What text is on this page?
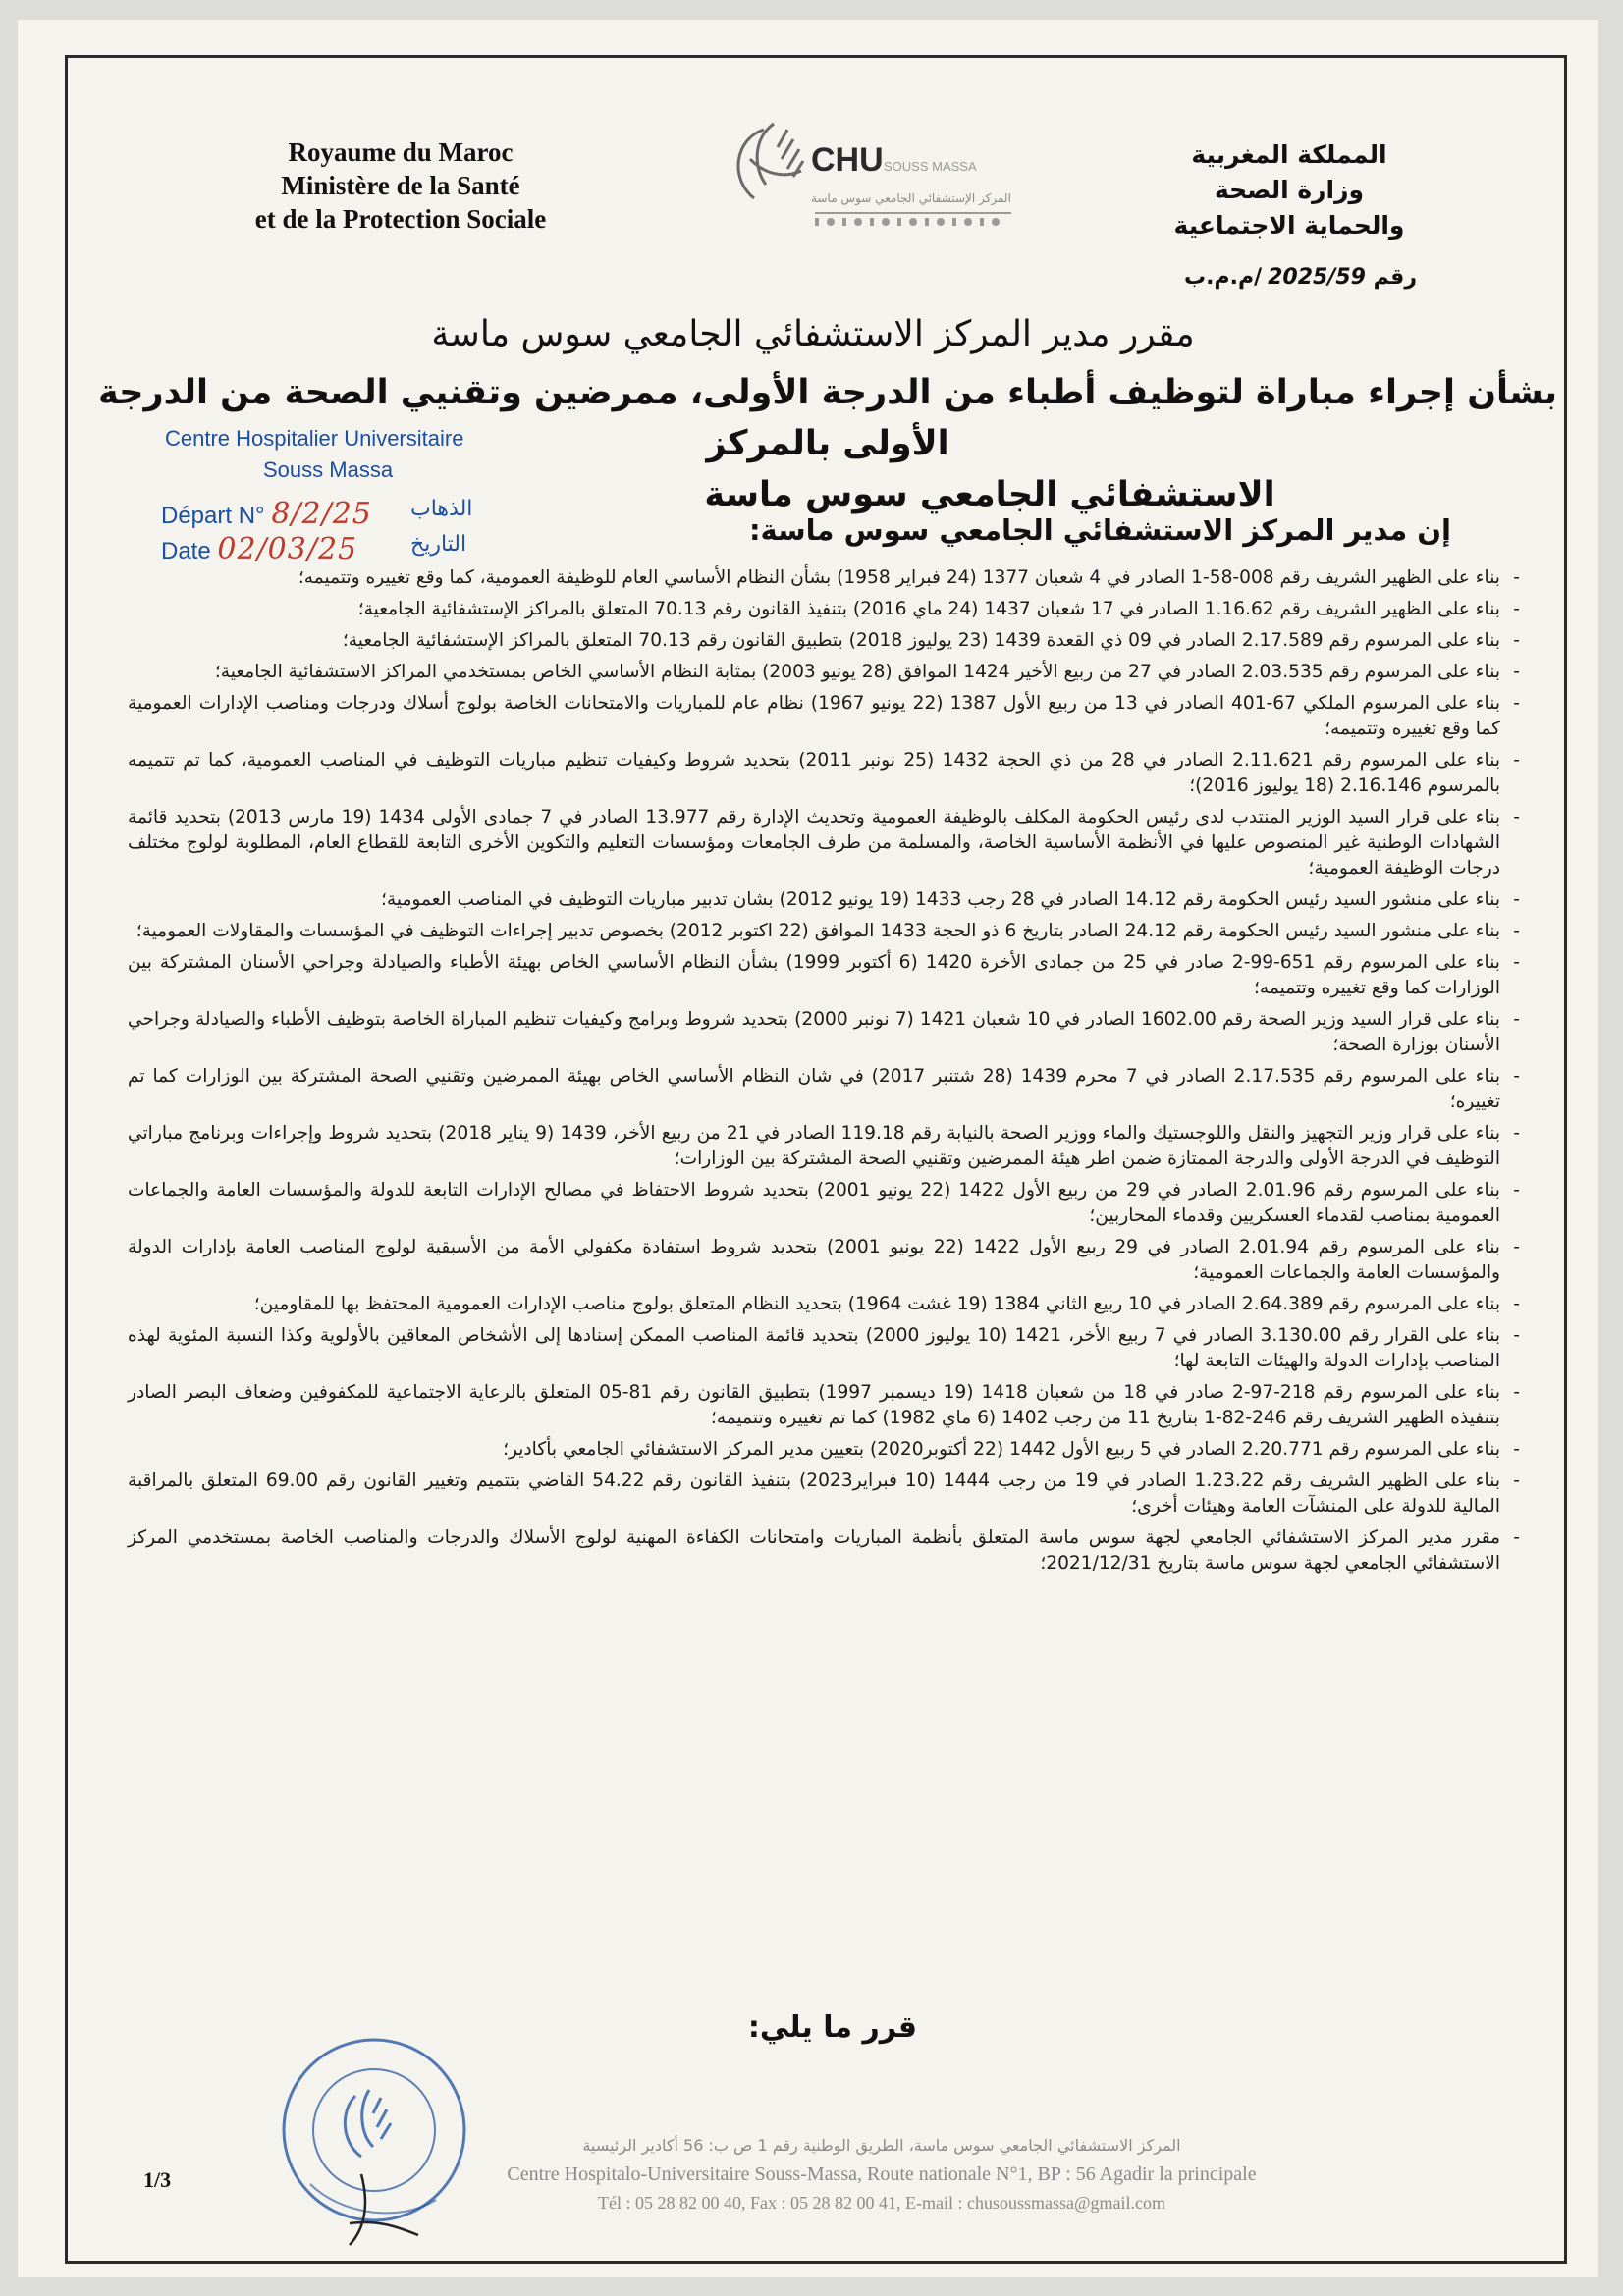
Royaume du Maroc
Ministère de la Santé
et de la Protection Sociale
CHU SOUSS MASSA
المركز الإستشفائي الجامعي سوس ماسة
المملكة المغربية
وزارة الصحة
والحماية الاجتماعية
رقم 2025/59/م.م.ب
مقرر مدير المركز الاستشفائي الجامعي سوس ماسة
بشأن إجراء مباراة لتوظيف أطباء من الدرجة الأولى، ممرضين وتقنيي الصحة من الدرجة الأولى بالمركز
الاستشفائي الجامعي سوس ماسة
Centre Hospitalier Universitaire
Souss Massa
Départ N° 8/2/25 الذهاب
Date 02/03/25 التاريخ	إن مدير المركز الاستشفائي الجامعي سوس ماسة:
- بناء على الظهير الشريف رقم 008-58-1 الصادر في 4 شعبان 1377 (24 فبراير 1958) بشأن النظام الأساسي العام للوظيفة العمومية، كما وقع تغييره وتتميمه؛
- بناء على الظهير الشريف رقم 1.16.62 الصادر في 17 شعبان 1437 (24 ماي 2016) بتنفيذ القانون رقم 70.13 المتعلق بالمراكز الإستشفائية الجامعية؛
- بناء على المرسوم رقم 2.17.589 الصادر في 09 ذي القعدة 1439 (23 يوليوز 2018) بتطبيق القانون رقم 70.13 المتعلق بالمراكز الإستشفائية الجامعية؛
- بناء على المرسوم رقم 2.03.535 الصادر في 27 من ربيع الأخير 1424 الموافق (28 يونيو 2003) بمثابة النظام الأساسي الخاص بمستخدمي المراكز الاستشفائية الجامعية؛
- بناء على المرسوم الملكي 67-401 الصادر في 13 من ربيع الأول 1387 (22 يونيو 1967) نظام عام للمباريات والامتحانات الخاصة بولوج أسلاك ودرجات ومناصب الإدارات العمومية كما وقع تغييره وتتميمه؛
- بناء على المرسوم رقم 2.11.621 الصادر في 28 من ذي الحجة 1432 (25 نونبر 2011) بتحديد شروط وكيفيات تنظيم مباريات التوظيف في المناصب العمومية، كما تم تتميمه بالمرسوم 2.16.146 (18 يوليوز 2016)؛
- بناء على قرار السيد الوزير المنتدب لدى رئيس الحكومة المكلف بالوظيفة العمومية وتحديث الإدارة رقم 13.977 الصادر في 7 جمادى الأولى 1434 (19 مارس 2013) بتحديد قائمة الشهادات الوطنية غير المنصوص عليها في الأنظمة الأساسية الخاصة، والمسلمة من طرف الجامعات ومؤسسات التعليم والتكوين الأخرى التابعة للقطاع العام، المطلوبة لولوج مختلف درجات الوظيفة العمومية؛
- بناء على منشور السيد رئيس الحكومة رقم 14.12 الصادر في 28 رجب 1433 (19 يونيو 2012) بشان تدبير مباريات التوظيف في المناصب العمومية؛
- بناء على منشور السيد رئيس الحكومة رقم 24.12 الصادر بتاريخ 6 ذو الحجة 1433 الموافق (22 اكتوبر 2012) بخصوص تدبير إجراءات التوظيف في المؤسسات والمقاولات العمومية؛
- بناء على المرسوم رقم 651-99-2 صادر في 25 من جمادى الأخرة 1420 (6 أكتوبر 1999) بشأن النظام الأساسي الخاص بهيئة الأطباء والصيادلة وجراحي الأسنان المشتركة بين الوزارات كما وقع تغييره وتتميمه؛
- بناء على قرار السيد وزير الصحة رقم 1602.00 الصادر في 10 شعبان 1421 (7 نونبر 2000) بتحديد شروط وبرامج وكيفيات تنظيم المباراة الخاصة بتوظيف الأطباء والصيادلة وجراحي الأسنان بوزارة الصحة؛
- بناء على المرسوم رقم 2.17.535 الصادر في 7 محرم 1439 (28 شتنبر 2017) في شان النظام الأساسي الخاص بهيئة الممرضين وتقنيي الصحة المشتركة بين الوزارات كما تم تغييره؛
- بناء على قرار وزير التجهيز والنقل واللوجستيك والماء ووزير الصحة بالنيابة رقم 119.18 الصادر في 21 من ربيع الأخر، 1439 (9 يناير 2018) بتحديد شروط وإجراءات وبرنامج مباراتي التوظيف في الدرجة الأولى والدرجة الممتازة ضمن اطر هيئة الممرضين وتقنيي الصحة المشتركة بين الوزارات؛
- بناء على المرسوم رقم 2.01.96 الصادر في 29 من ربيع الأول 1422 (22 يونيو 2001) بتحديد شروط الاحتفاظ في مصالح الإدارات التابعة للدولة والمؤسسات العامة والجماعات العمومية بمناصب لقدماء العسكريين وقدماء المحاربين؛
- بناء على المرسوم رقم 2.01.94 الصادر في 29 ربيع الأول 1422 (22 يونيو 2001) بتحديد شروط استفادة مكفولي الأمة من الأسبقية لولوج المناصب العامة بإدارات الدولة والمؤسسات العامة والجماعات العمومية؛
- بناء على المرسوم رقم 2.64.389 الصادر في 10 ربيع الثاني 1384 (19 غشت 1964) بتحديد النظام المتعلق بولوج مناصب الإدارات العمومية المحتفظ بها للمقاومين؛
- بناء على القرار رقم 3.130.00 الصادر في 7 ربيع الأخر، 1421 (10 يوليوز 2000) بتحديد قائمة المناصب الممكن إسنادها إلى الأشخاص المعاقين بالأولوية وكذا النسبة المئوية لهذه المناصب بإدارات الدولة والهيئات التابعة لها؛
- بناء على المرسوم رقم 218-97-2 صادر في 18 من شعبان 1418 (19 ديسمبر 1997) بتطبيق القانون رقم 81-05 المتعلق بالرعاية الاجتماعية للمكفوفين وضعاف البصر الصادر بتنفيذه الظهير الشريف رقم 246-82-1 بتاريخ 11 من رجب 1402 (6 ماي 1982) كما تم تغييره وتتميمه؛
- بناء على المرسوم رقم 2.20.771 الصادر في 5 ربيع الأول 1442 (22 أكتوبر2020) بتعيين مدير المركز الاستشفائي الجامعي بأكادير؛
- بناء على الظهير الشريف رقم 1.23.22 الصادر في 19 من رجب 1444 (10 فبراير2023) بتنفيذ القانون رقم 54.22 القاضي بتتميم وتغيير القانون رقم 69.00 المتعلق بالمراقبة المالية للدولة على المنشآت العامة وهيئات أخرى؛
- مقرر مدير المركز الاستشفائي الجامعي لجهة سوس ماسة المتعلق بأنظمة المباريات وامتحانات الكفاءة المهنية لولوج الأسلاك والدرجات والمناصب الخاصة بمستخدمي المركز الاستشفائي الجامعي لجهة سوس ماسة بتاريخ 2021/12/31؛
قرر ما يلي:
1/3
المركز الاستشفائي الجامعي سوس ماسة، الطريق الوطنية رقم 1 ص ب: 56 أكادير الرئيسية
Centre Hospitalo-Universitaire Souss-Massa, Route nationale N°1, BP : 56 Agadir la principale
Tél : 05 28 82 00 40, Fax : 05 28 82 00 41, E-mail : chusoussmassa@gmail.com
